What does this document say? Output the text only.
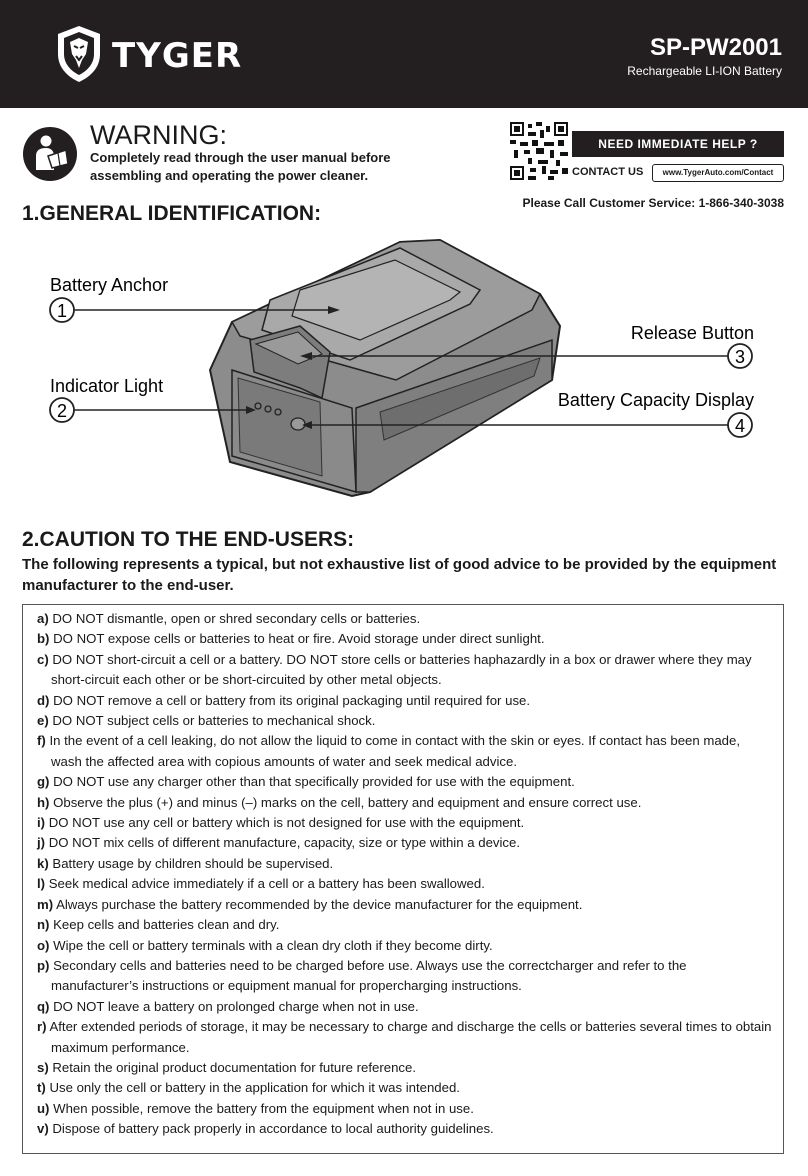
TYGER	SP-PW2001
Rechargeable LI-ION Battery
WARNING:
Completely read through the user manual before assembling and operating the power cleaner.
NEED IMMEDIATE HELP ?
CONTACT US	www.TygerAuto.com/Contact
Please Call Customer Service: 1-866-340-3038
1.GENERAL IDENTIFICATION:
1
2
3
4
Battery Anchor
Indicator Light
Release Button
Battery Capacity Display
2.CAUTION TO THE END-USERS:
The following represents a typical, but not exhaustive list of good advice to be provided by the equipment manufacturer to the end-user.
a) DO NOT dismantle, open or shred secondary cells or batteries.
b) DO NOT expose cells or batteries to heat or fire. Avoid storage under direct sunlight.
c) DO NOT short-circuit a cell or a battery. DO NOT store cells or batteries haphazardly in a box or drawer where they may short-circuit each other or be short-circuited by other metal objects.
d) DO NOT remove a cell or battery from its original packaging until required for use.
e) DO NOT subject cells or batteries to mechanical shock.
f) In the event of a cell leaking, do not allow the liquid to come in contact with the skin or eyes. If contact has been made, wash the affected area with copious amounts of water and seek medical advice.
g) DO NOT use any charger other than that specifically provided for use with the equipment.
h) Observe the plus (+) and minus (–) marks on the cell, battery and equipment and ensure correct use.
i) DO NOT use any cell or battery which is not designed for use with the equipment.
j) DO NOT mix cells of different manufacture, capacity, size or type within a device.
k) Battery usage by children should be supervised.
l) Seek medical advice immediately if a cell or a battery has been swallowed.
m) Always purchase the battery recommended by the device manufacturer for the equipment.
n) Keep cells and batteries clean and dry.
o) Wipe the cell or battery terminals with a clean dry cloth if they become dirty.
p) Secondary cells and batteries need to be charged before use. Always use the correctcharger and refer to the manufacturer’s instructions or equipment manual for propercharging instructions.
q) DO NOT leave a battery on prolonged charge when not in use.
r) After extended periods of storage, it may be necessary to charge and discharge the cells or batteries several times to obtain maximum performance.
s) Retain the original product documentation for future reference.
t) Use only the cell or battery in the application for which it was intended.
u) When possible, remove the battery from the equipment when not in use.
v) Dispose of battery pack properly in accordance to local authority guidelines.
